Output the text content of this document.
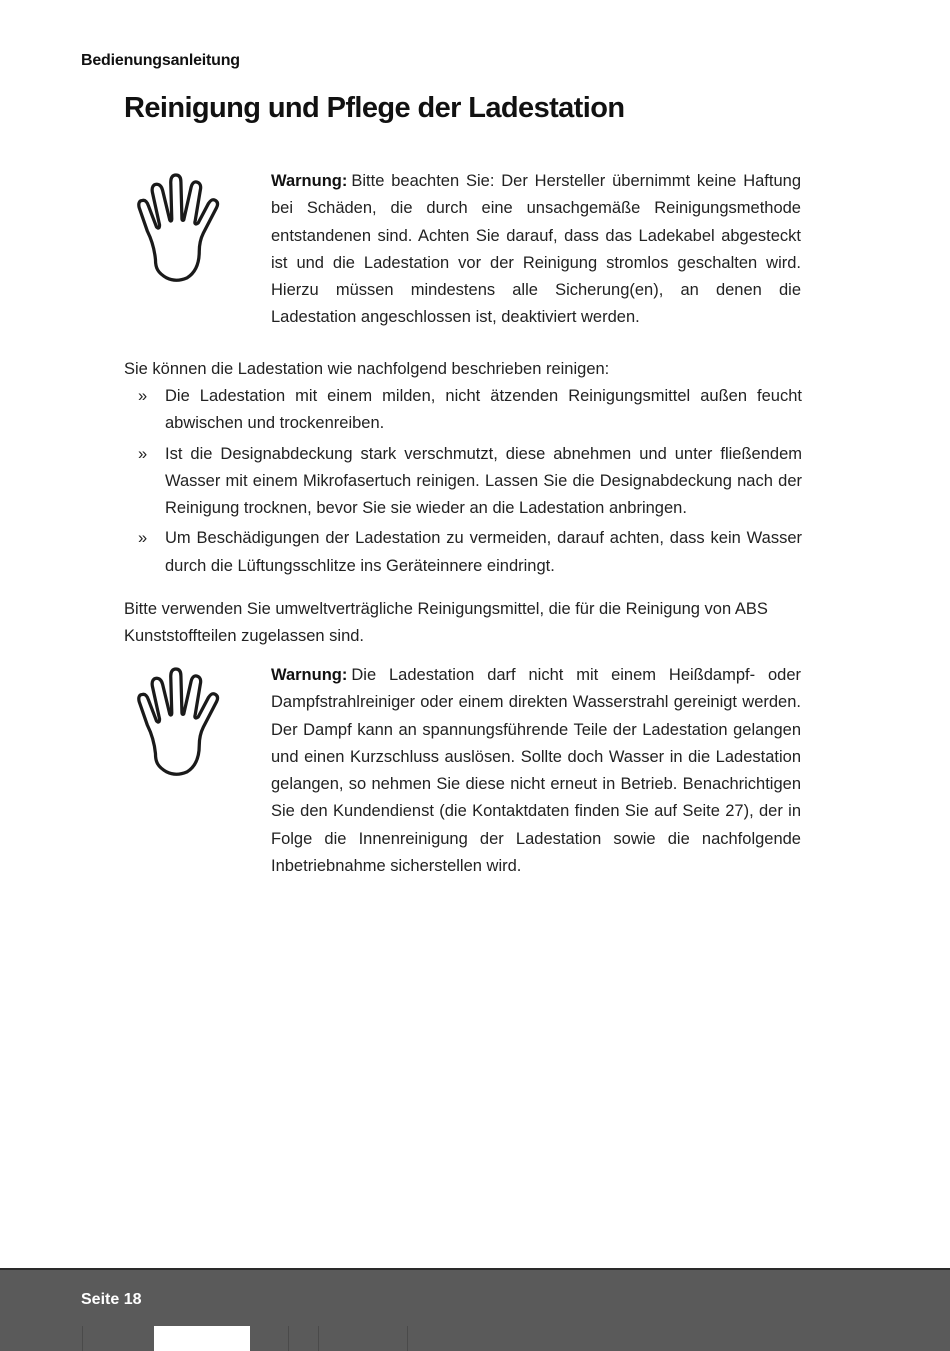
Bedienungsanleitung
Reinigung und Pflege der Ladestation
Warnung: Bitte beachten Sie: Der Hersteller übernimmt keine Haftung bei Schäden, die durch eine unsachgemäße Reinigungsmethode entstandenen sind. Achten Sie darauf, dass das Ladekabel abgesteckt ist und die Ladestation vor der Reinigung stromlos geschalten wird. Hierzu müssen mindestens alle Sicherung(en), an denen die Ladestation angeschlossen ist, deaktiviert werden.
Sie können die Ladestation wie nachfolgend beschrieben reinigen:
» Die Ladestation mit einem milden, nicht ätzenden Reinigungsmittel außen feucht abwischen und trockenreiben.
» Ist die Designabdeckung stark verschmutzt, diese abnehmen und unter fließendem Wasser mit einem Mikrofasertuch reinigen. Lassen Sie die Designabdeckung nach der Reinigung trocknen, bevor Sie sie wieder an die Ladestation anbringen.
» Um Beschädigungen der Ladestation zu vermeiden, darauf achten, dass kein Wasser durch die Lüftungsschlitze ins Geräteinnere eindringt.
Bitte verwenden Sie umweltverträgliche Reinigungsmittel, die für die Reinigung von ABS Kunststoffteilen zugelassen sind.
Warnung: Die Ladestation darf nicht mit einem Heißdampf- oder Dampfstrahlreiniger oder einem direkten Wasserstrahl gereinigt werden. Der Dampf kann an spannungsführende Teile der Ladestation gelangen und einen Kurzschluss auslösen. Sollte doch Wasser in die Ladestation gelangen, so nehmen Sie diese nicht erneut in Betrieb. Benachrichtigen Sie den Kundendienst (die Kontaktdaten finden Sie auf Seite 27), der in Folge die Innenreinigung der Ladestation sowie die nachfolgende Inbetriebnahme sicherstellen wird.
Seite 18
